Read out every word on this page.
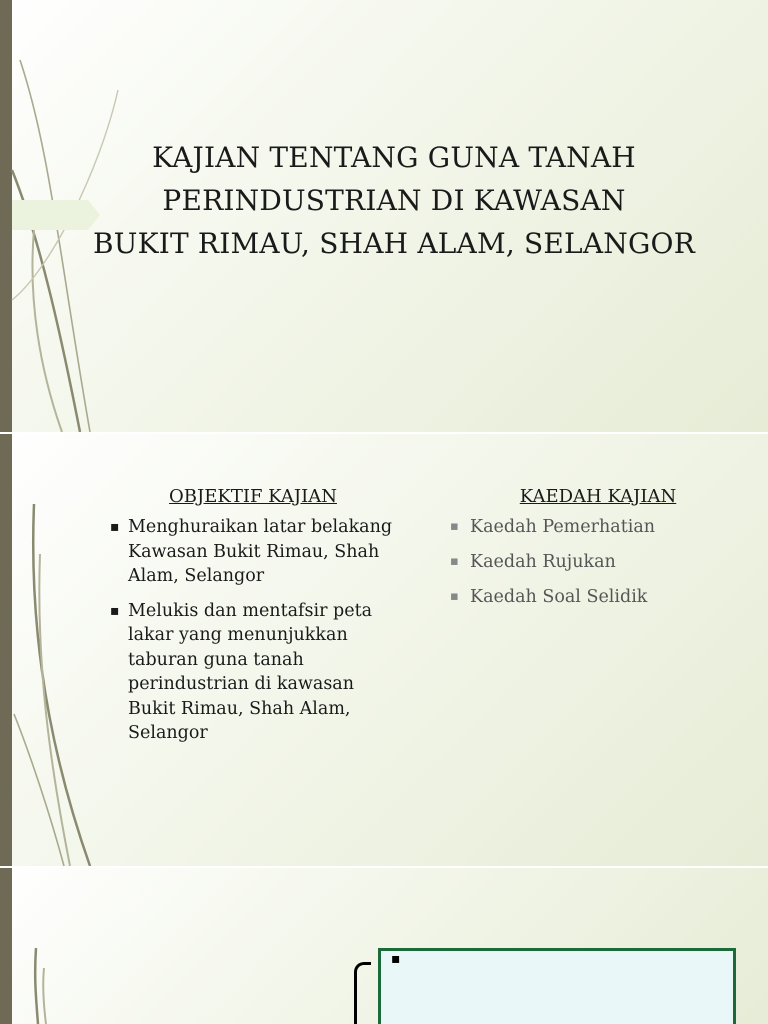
KAJIAN TENTANG GUNA TANAH
PERINDUSTRIAN DI KAWASAN
BUKIT RIMAU, SHAH ALAM, SELANGOR
OBJEKTIF KAJIAN
▪ Menghuraikan latar belakang Kawasan Bukit Rimau, Shah Alam, Selangor
▪ Melukis dan mentafsir peta lakar yang menunjukkan taburan guna tanah perindustrian di kawasan Bukit Rimau, Shah Alam, Selangor
KAEDAH KAJIAN
▪ Kaedah Pemerhatian
▪ Kaedah Rujukan
▪ Kaedah Soal Selidik
▪
